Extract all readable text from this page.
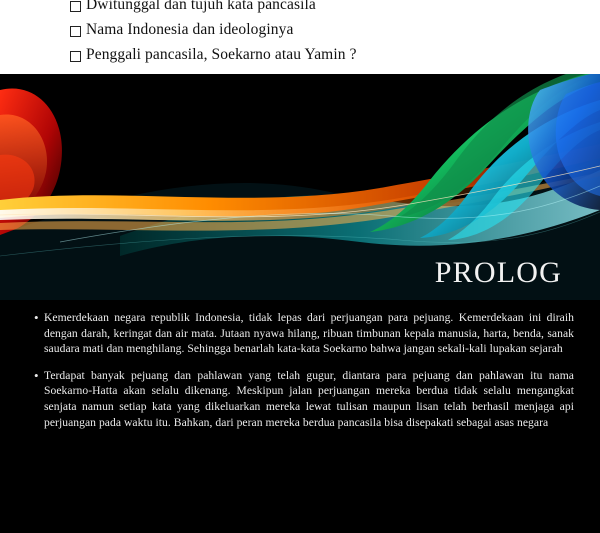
Dwitunggal dan tujuh kata pancasila
Nama Indonesia dan ideologinya
Penggali pancasila, Soekarno atau Yamin ?
PROLOG
• Kemerdekaan negara republik Indonesia, tidak lepas dari perjuangan para pejuang. Kemerdekaan ini diraih dengan darah, keringat dan air mata. Jutaan nyawa hilang, ribuan timbunan kepala manusia, harta, benda, sanak saudara mati dan menghilang. Sehingga benarlah kata-kata Soekarno bahwa jangan sekali-kali lupakan sejarah
• Terdapat banyak pejuang dan pahlawan yang telah gugur, diantara para pejuang dan pahlawan itu nama Soekarno-Hatta akan selalu dikenang. Meskipun jalan perjuangan mereka berdua tidak selalu mengangkat senjata namun setiap kata yang dikeluarkan mereka lewat tulisan maupun lisan telah berhasil menjaga api perjuangan pada waktu itu. Bahkan, dari peran mereka berdua pancasila bisa disepakati sebagai asas negara
